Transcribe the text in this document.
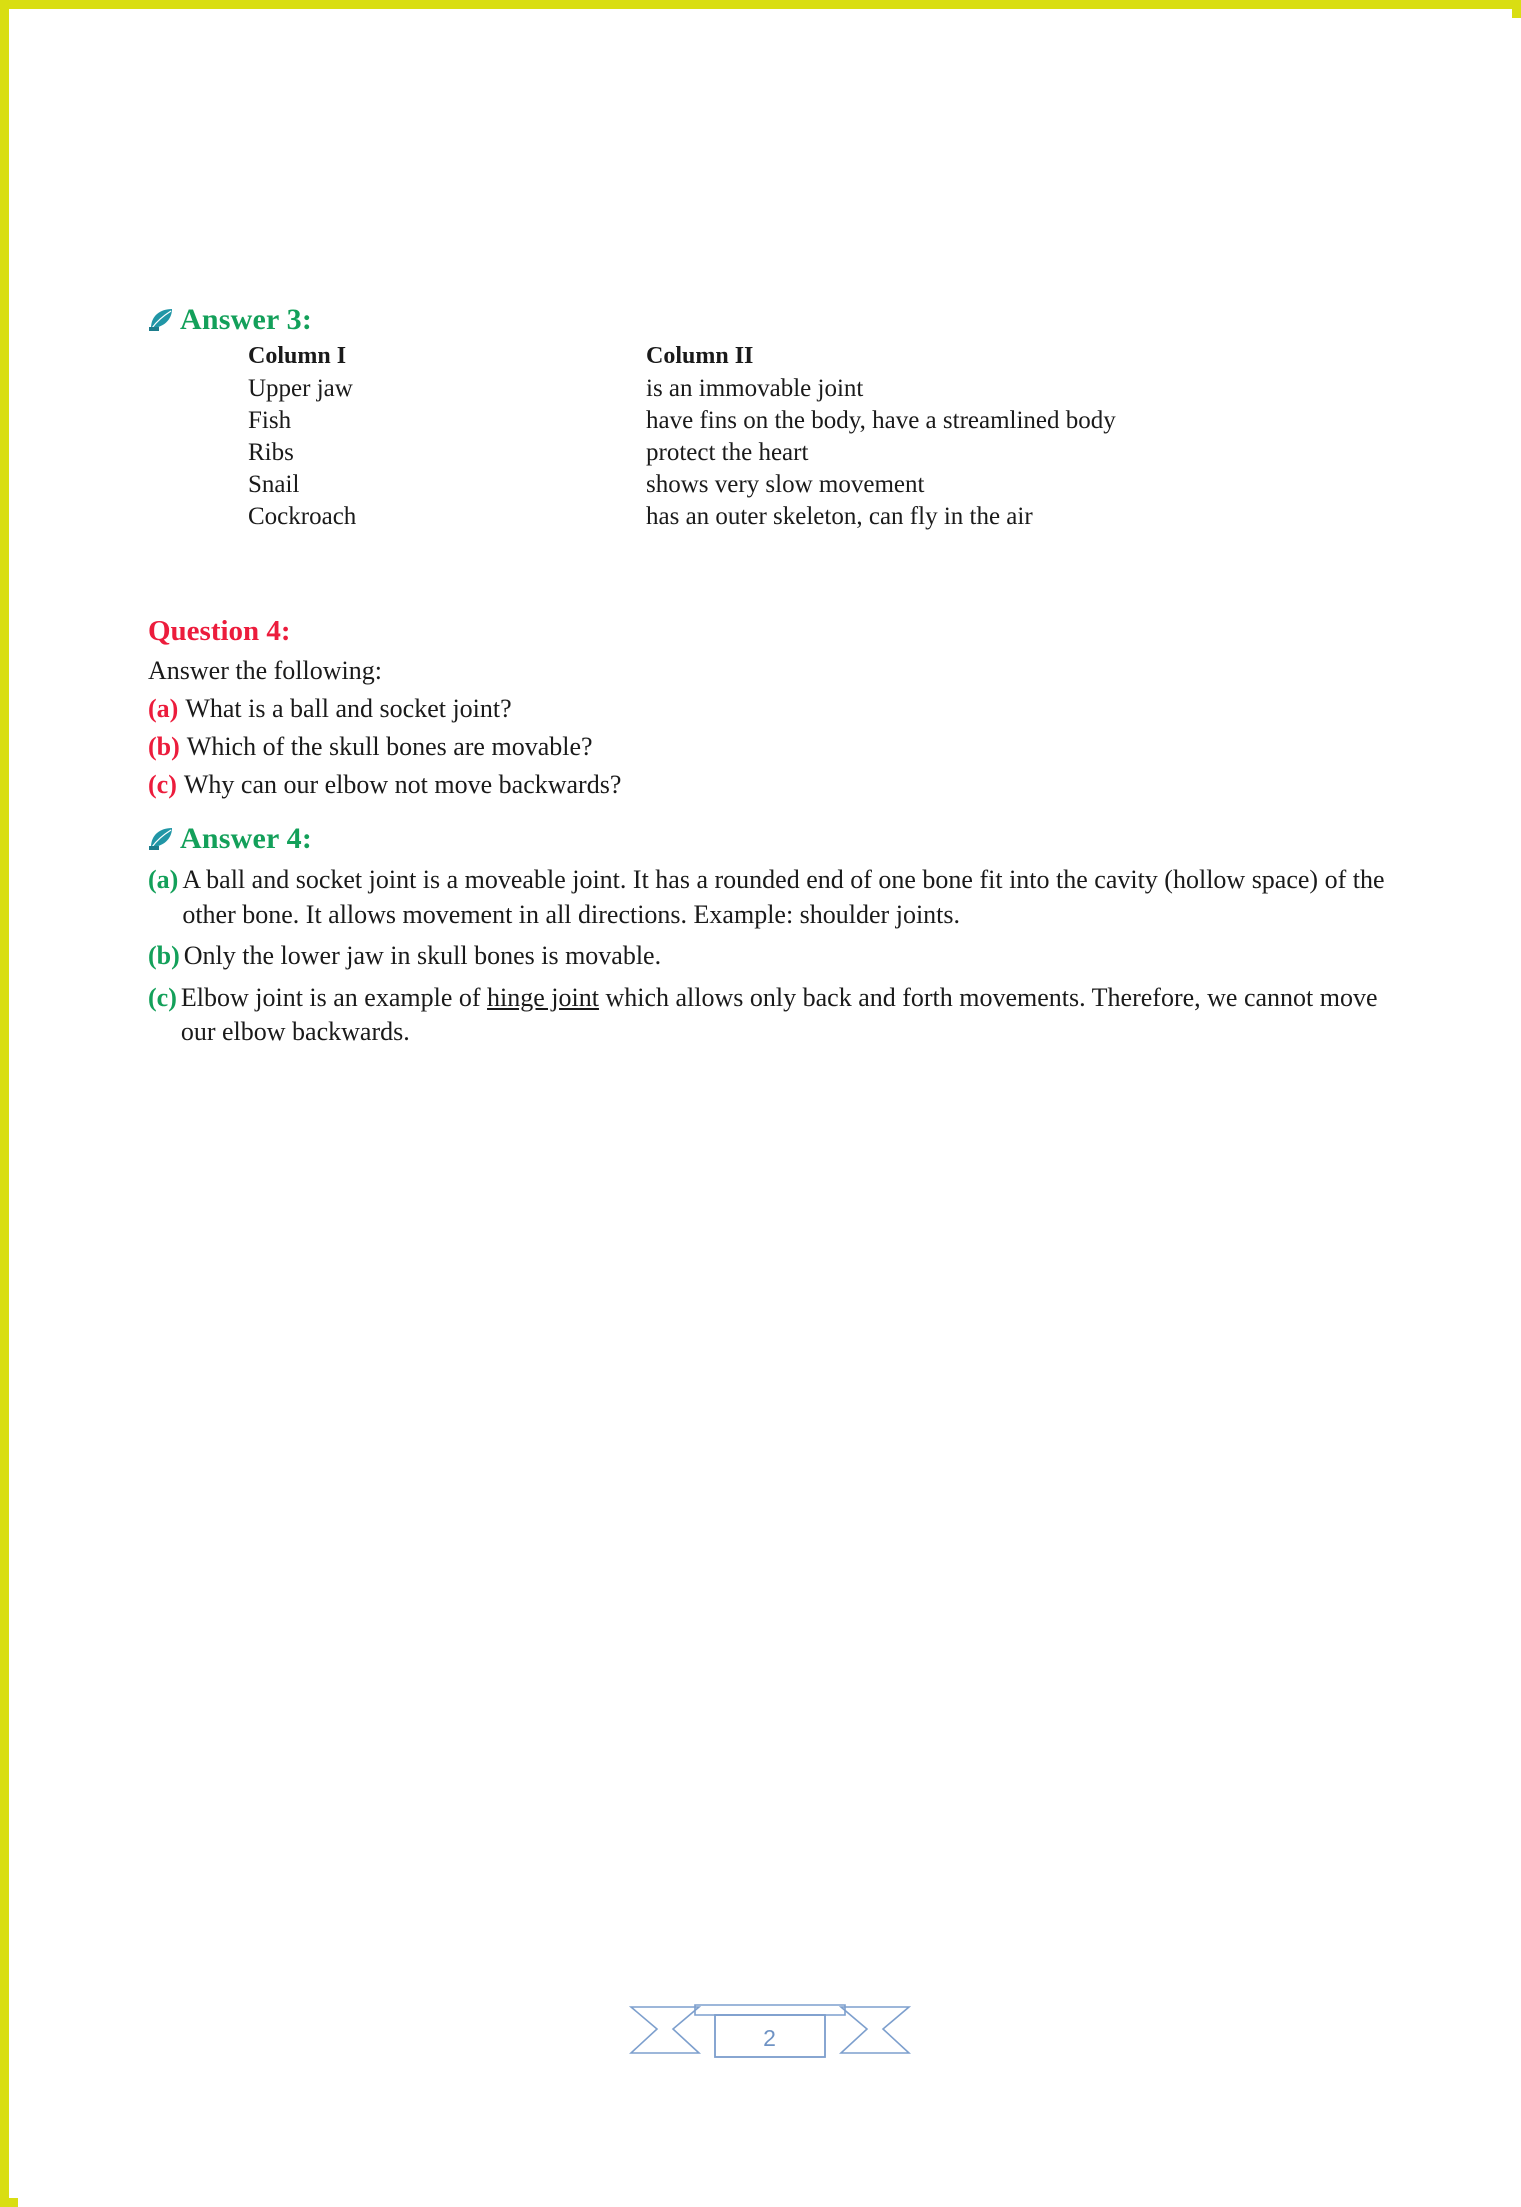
Answer 3:
Column I	Column II
Upper jaw	is an immovable joint
Fish	have fins on the body, have a streamlined body
Ribs	protect the heart
Snail	shows very slow movement
Cockroach	has an outer skeleton, can fly in the air
Question 4:
Answer the following:
(a) What is a ball and socket joint?
(b) Which of the skull bones are movable?
(c) Why can our elbow not move backwards?
Answer 4:
(a) A ball and socket joint is a moveable joint. It has a rounded end of one bone fit into the cavity (hollow space) of the other bone. It allows movement in all directions. Example: shoulder joints.
(b) Only the lower jaw in skull bones is movable.
(c) Elbow joint is an example of hinge joint which allows only back and forth movements. Therefore, we cannot move our elbow backwards.
2
